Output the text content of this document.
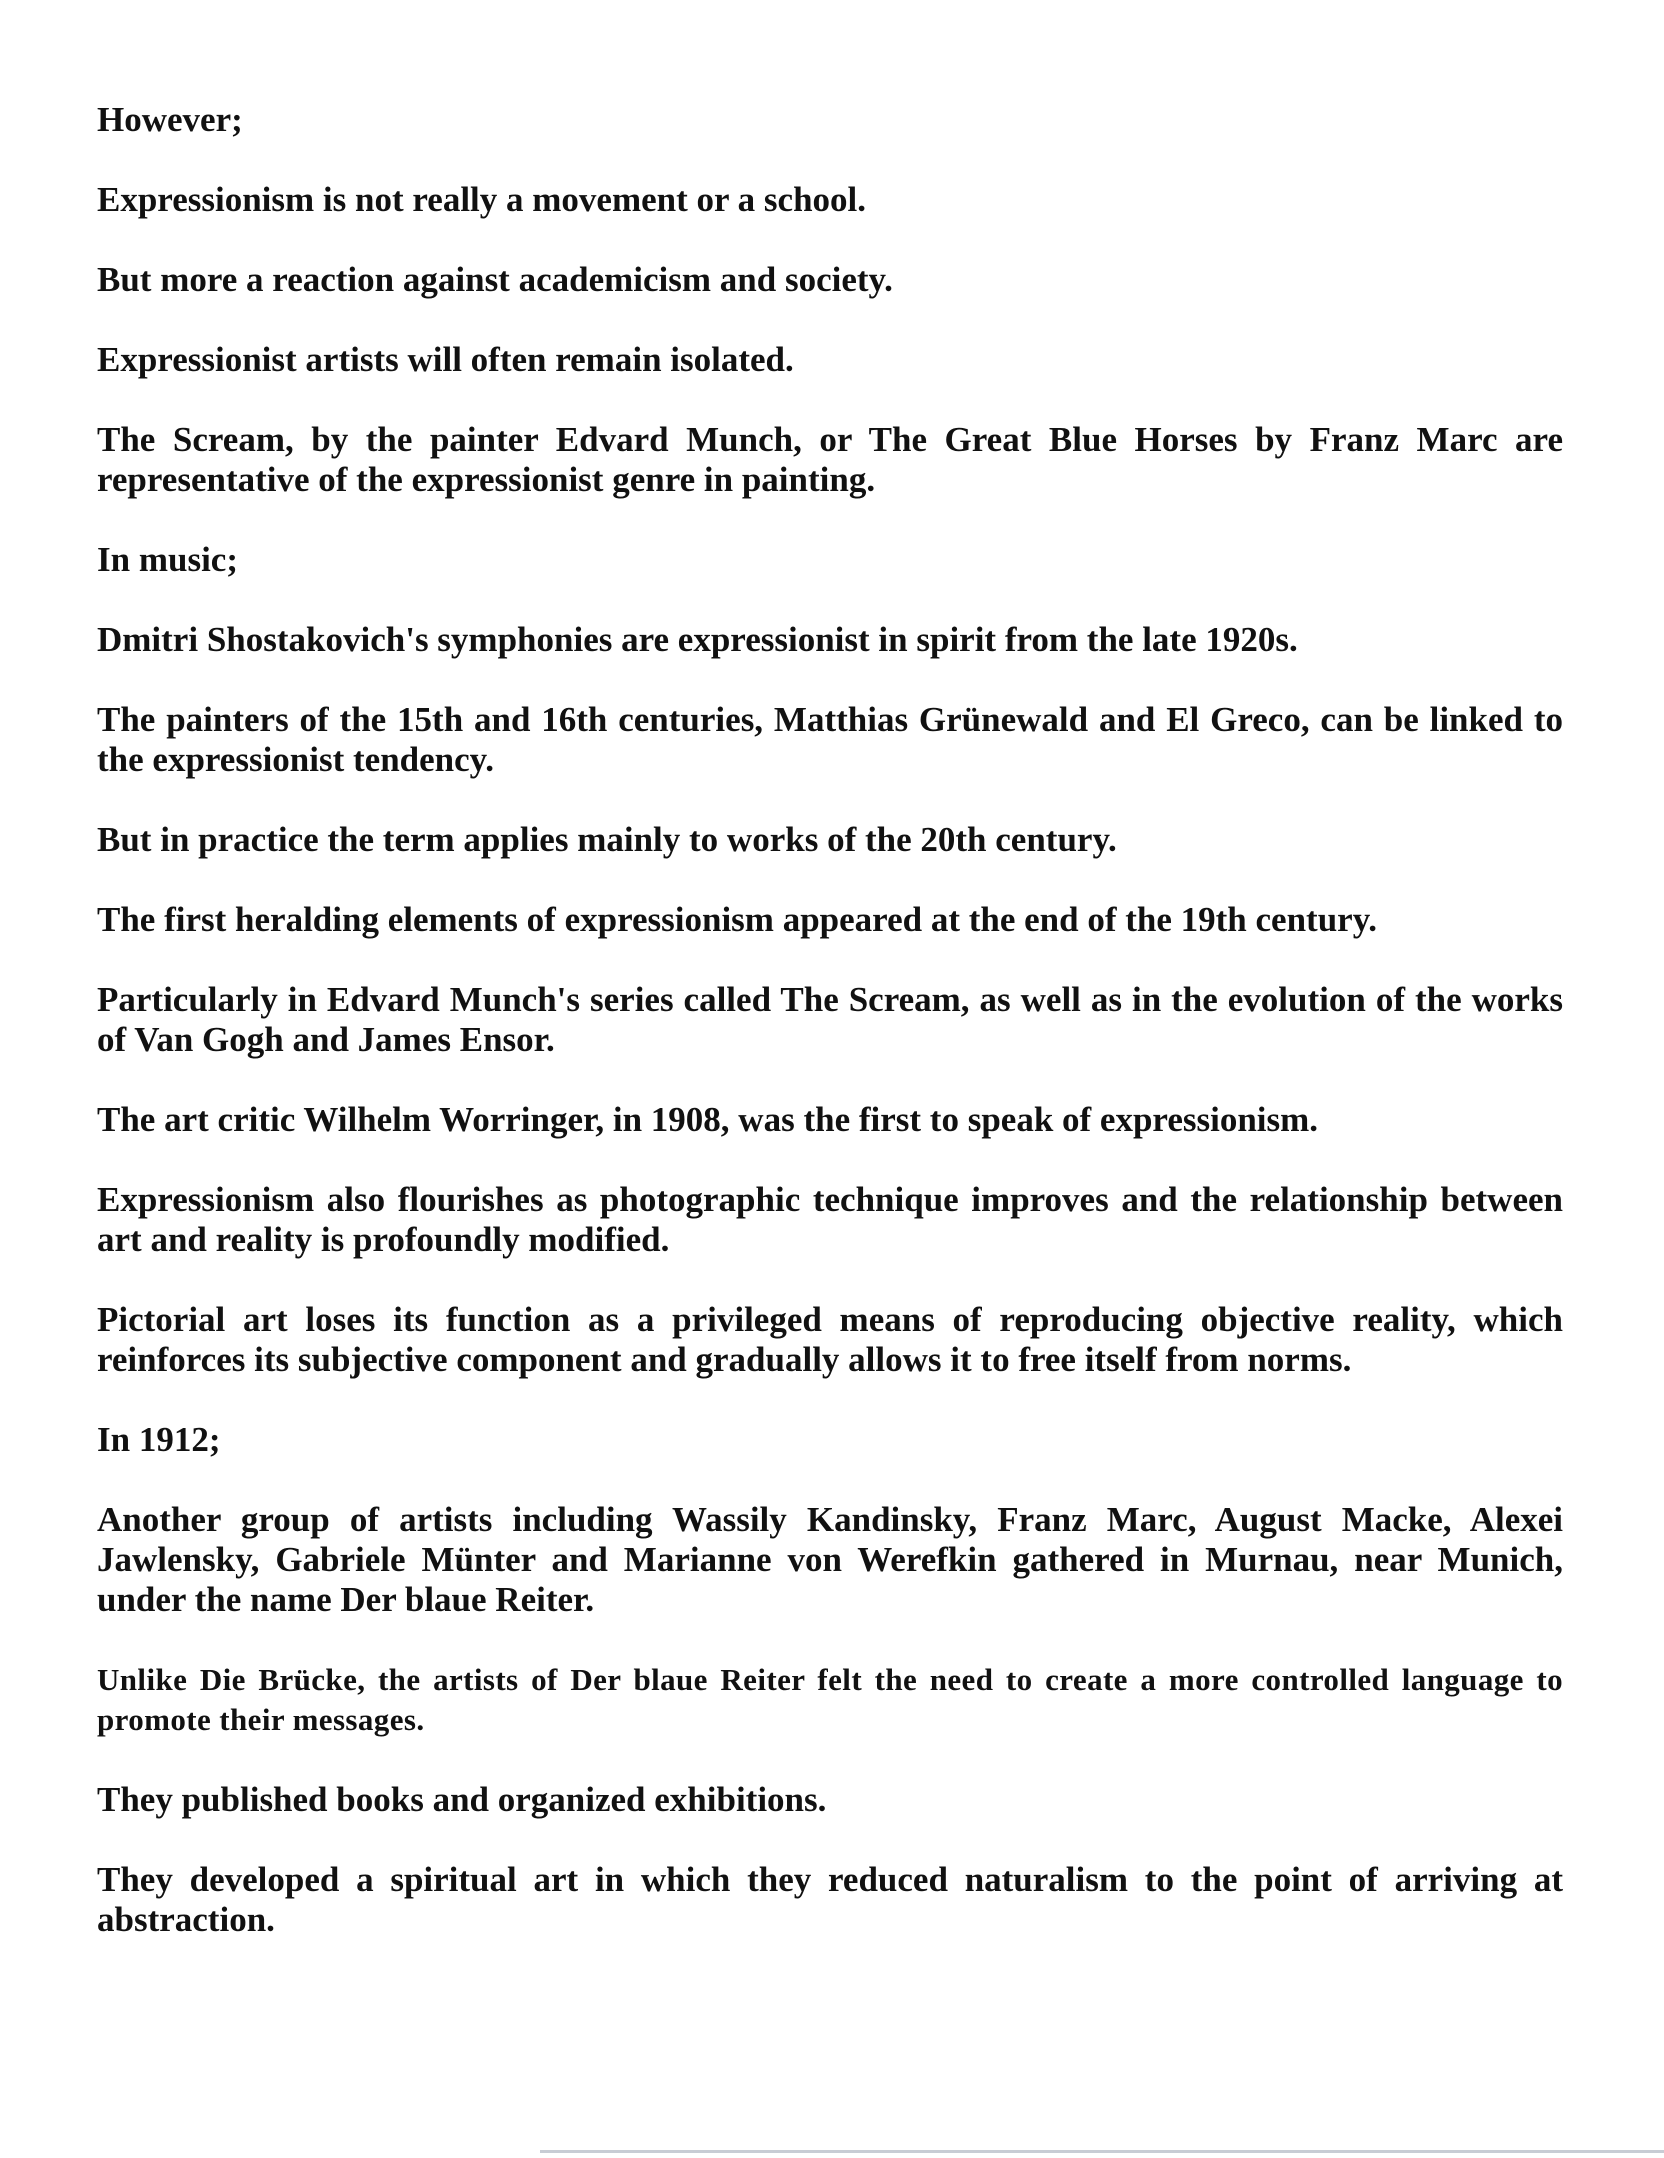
However;

Expressionism is not really a movement or a school.

But more a reaction against academicism and society.

Expressionist artists will often remain isolated.

The Scream, by the painter Edvard Munch, or The Great Blue Horses by Franz Marc are representative of the expressionist genre in painting.

In music;

Dmitri Shostakovich's symphonies are expressionist in spirit from the late 1920s.

The painters of the 15th and 16th centuries, Matthias Grünewald and El Greco, can be linked to the expressionist tendency.

But in practice the term applies mainly to works of the 20th century.

The first heralding elements of expressionism appeared at the end of the 19th century.

Particularly in Edvard Munch's series called The Scream, as well as in the evolution of the works of Van Gogh and James Ensor.

The art critic Wilhelm Worringer, in 1908, was the first to speak of expressionism.

Expressionism also flourishes as photographic technique improves and the relationship between art and reality is profoundly modified.

Pictorial art loses its function as a privileged means of reproducing objective reality, which reinforces its subjective component and gradually allows it to free itself from norms.

In 1912;

Another group of artists including Wassily Kandinsky, Franz Marc, August Macke, Alexei Jawlensky, Gabriele Münter and Marianne von Werefkin gathered in Murnau, near Munich, under the name Der blaue Reiter.

Unlike Die Brücke, the artists of Der blaue Reiter felt the need to create a more controlled language to promote their messages.

They published books and organized exhibitions.

They developed a spiritual art in which they reduced naturalism to the point of arriving at abstraction.
